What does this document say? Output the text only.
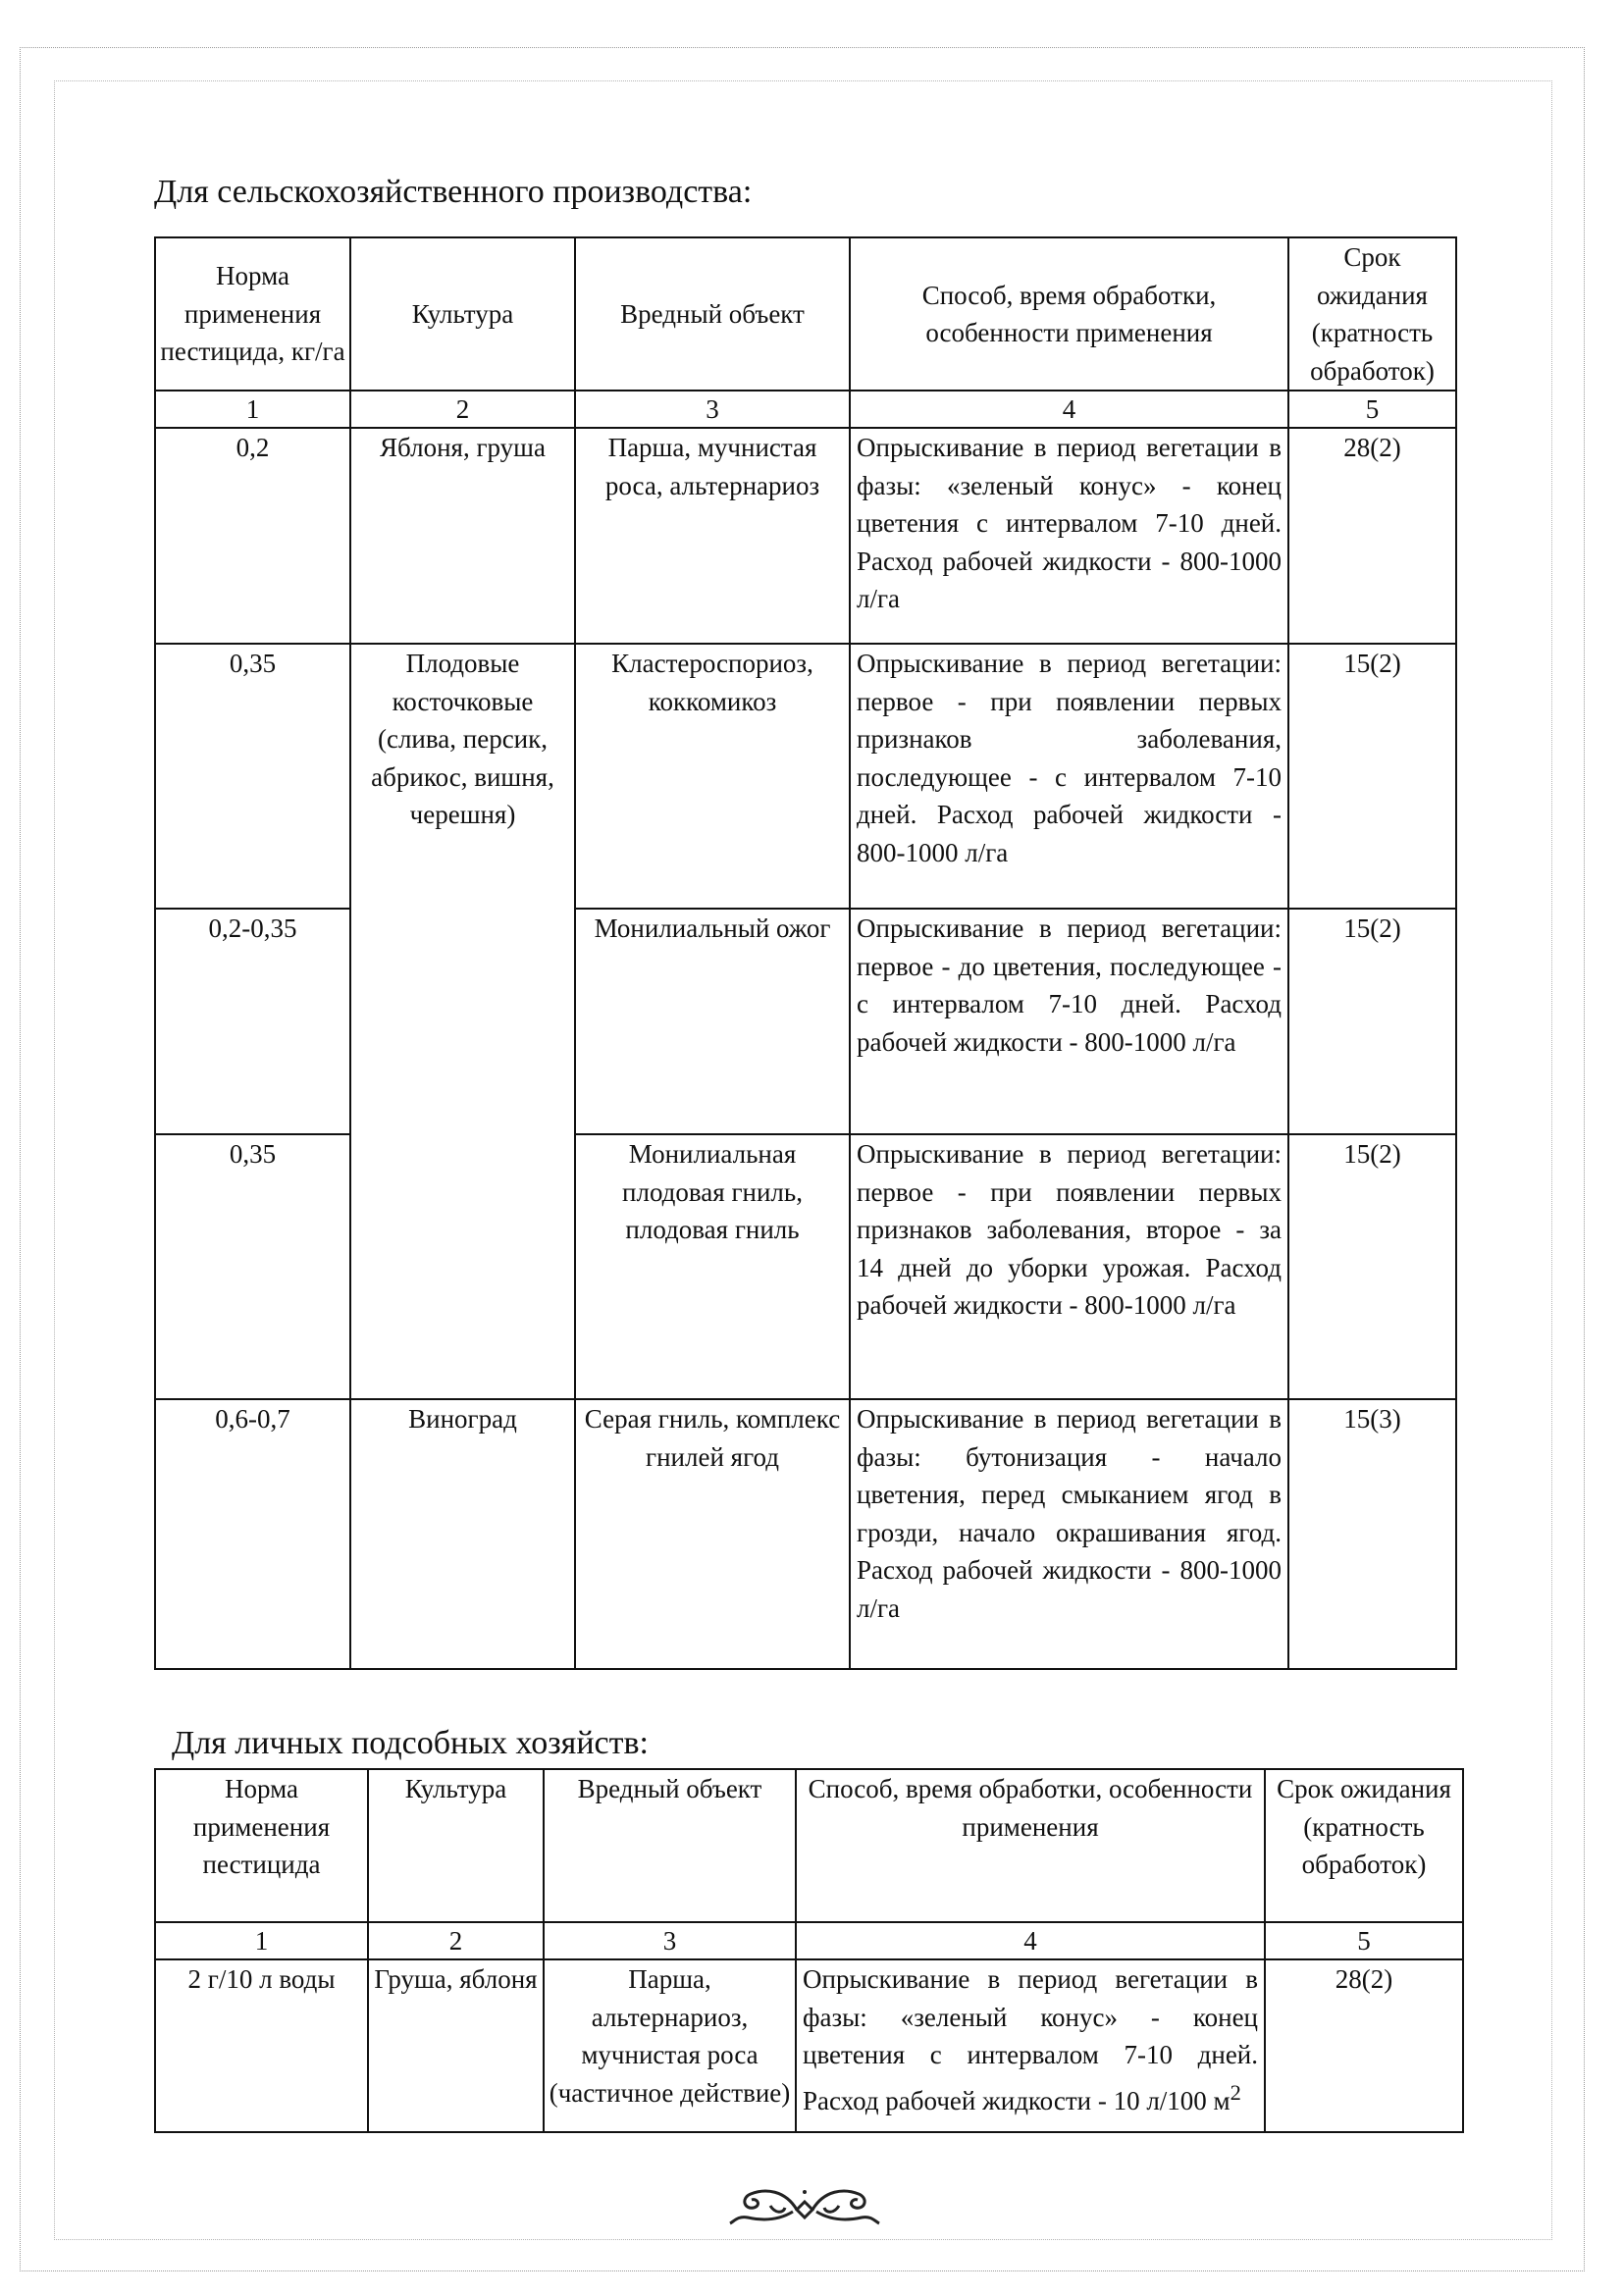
Для сельскохозяйственного производства:
Норма применения пестицида, кг/га	Культура	Вредный объект	Способ, время обработки, особенности применения	Срок ожидания (кратность обработок)
1	2	3	4	5
0,2	Яблоня, груша	Парша, мучнистая роса, альтернариоз	Опрыскивание в период вегетации в фазы: «зеленый конус» - конец цветения с интервалом 7-10 дней. Расход рабочей жидкости - 800-1000 л/га	28(2)
0,35	Плодовые косточковые (слива, персик, абрикос, вишня, черешня)	Кластероспориоз, коккомикоз	Опрыскивание в период вегетации: первое - при появлении первых признаков заболевания, последующее - с интервалом 7-10 дней. Расход рабочей жидкости - 800-1000 л/га	15(2)
0,2-0,35		Монилиальный ожог	Опрыскивание в период вегетации: первое - до цветения, последующее - с интервалом 7-10 дней. Расход рабочей жидкости - 800-1000 л/га	15(2)
0,35		Монилиальная плодовая гниль, плодовая гниль	Опрыскивание в период вегетации: первое - при появлении первых признаков заболевания, второе - за 14 дней до уборки урожая. Расход рабочей жидкости - 800-1000 л/га	15(2)
0,6-0,7	Виноград	Серая гниль, комплекс гнилей ягод	Опрыскивание в период вегетации в фазы: бутонизация - начало цветения, перед смыканием ягод в грозди, начало окрашивания ягод. Расход рабочей жидкости - 800-1000 л/га	15(3)
Для личных подсобных хозяйств:
Норма применения пестицида	Культура	Вредный объект	Способ, время обработки, особенности применения	Срок ожидания (кратность обработок)
1	2	3	4	5
2 г/10 л воды	Груша, яблоня	Парша, альтернариоз, мучнистая роса (частичное действие)	Опрыскивание в период вегетации в фазы: «зеленый конус» - конец цветения с интервалом 7-10 дней. Расход рабочей жидкости - 10 л/100 $м^2$	28(2)
